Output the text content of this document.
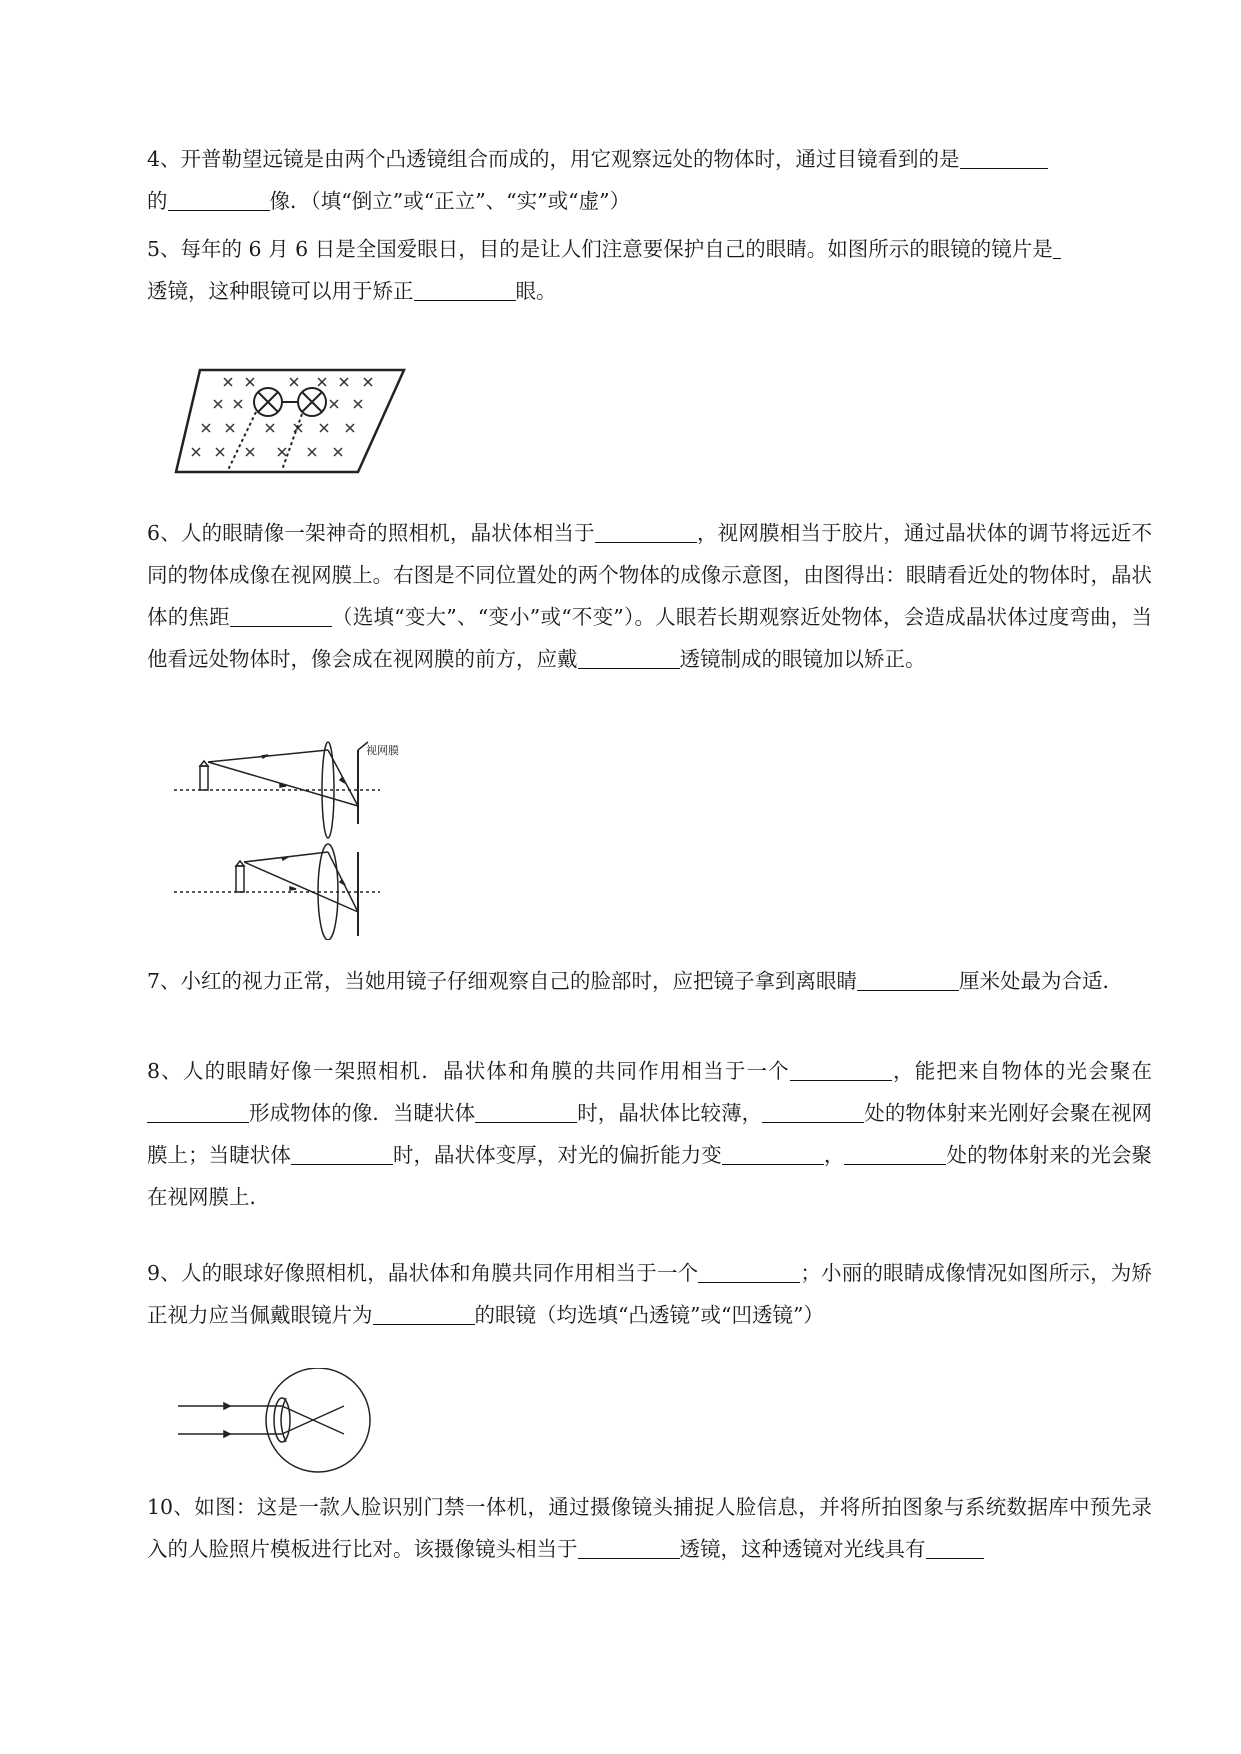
4、开普勒望远镜是由两个凸透镜组合而成的，用它观察远处的物体时，通过目镜看到的是
的	像．（填“倒立”或“正立”、“实”或“虚”）
5、每年的 6 月 6 日是全国爱眼日，目的是让人们注意要保护自己的眼睛。如图所示的眼镜的镜片是
透镜，这种眼镜可以用于矫正	眼。
6、人的眼睛像一架神奇的照相机，晶状体相当于	，视网膜相当于胶片，通过晶状体的调节将远近不同的物体成像在视网膜上。右图是不同位置处的两个物体的成像示意图，由图得出：眼睛看近处的物体时，晶状体的焦距	（选填“变大”、“变小”或“不变”）。人眼若长期观察近处物体，会造成晶状体过度弯曲，当他看远处物体时，像会成在视网膜的前方，应戴	透镜制成的眼镜加以矫正。
视网膜
7、小红的视力正常，当她用镜子仔细观察自己的脸部时，应把镜子拿到离眼睛	厘米处最为合适．
8、人的眼睛好像一架照相机．晶状体和角膜的共同作用相当于一个	，能把来自物体的光会聚在形成物体的像．当睫状体	时，晶状体比较薄，	处的物体射来光刚好会聚在视网膜上；当睫状体	时，晶状体变厚，对光的偏折能力变	，	处的物体射来的光会聚在视网膜上．
9、人的眼球好像照相机，晶状体和角膜共同作用相当于一个	；小丽的眼睛成像情况如图所示，为矫正视力应当佩戴眼镜片为	的眼镜（均选填“凸透镜”或“凹透镜”）
10、如图：这是一款人脸识别门禁一体机，通过摄像镜头捕捉人脸信息，并将所拍图象与系统数据库中预先录入的人脸照片模板进行比对。该摄像镜头相当于	透镜，这种透镜对光线具有
